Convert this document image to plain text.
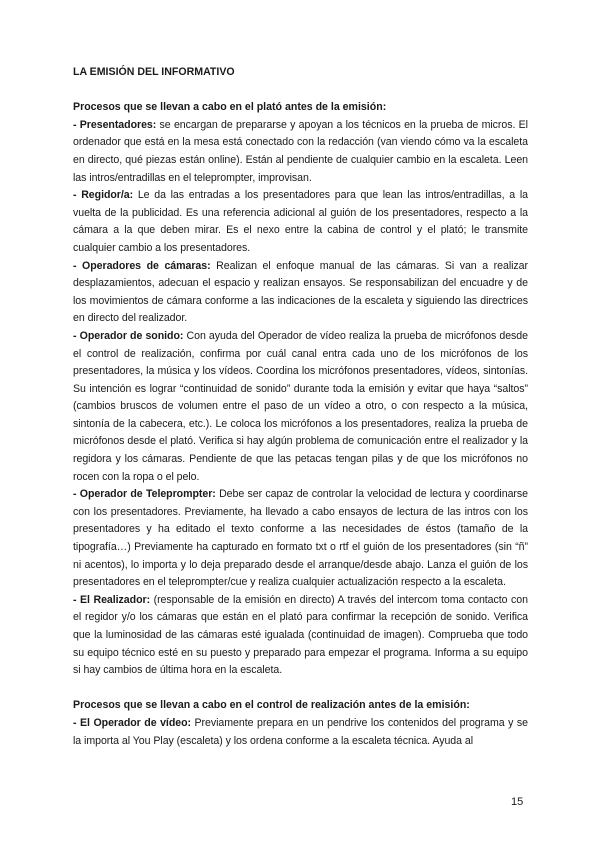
LA EMISIÓN DEL INFORMATIVO
Procesos que se llevan a cabo en el plató antes de la emisión:

- Presentadores: se encargan de prepararse y apoyan a los técnicos en la prueba de micros. El ordenador que está en la mesa está conectado con la redacción (van viendo cómo va la escaleta en directo, qué piezas están online). Están al pendiente de cualquier cambio en la escaleta. Leen las intros/entradillas en el teleprompter, improvisan.

- Regidor/a: Le da las entradas a los presentadores para que lean las intros/entradillas, a la vuelta de la publicidad. Es una referencia adicional al guión de los presentadores, respecto a la cámara a la que deben mirar. Es el nexo entre la cabina de control y el plató; le transmite cualquier cambio a los presentadores.

- Operadores de cámaras: Realizan el enfoque manual de las cámaras. Si van a realizar desplazamientos, adecuan el espacio y realizan ensayos. Se responsabilizan del encuadre y de los movimientos de cámara conforme a las indicaciones de la escaleta y siguiendo las directrices en directo del realizador.

- Operador de sonido: Con ayuda del Operador de vídeo realiza la prueba de micrófonos desde el control de realización, confirma por cuál canal entra cada uno de los micrófonos de los presentadores, la música y los vídeos. Coordina los micrófonos presentadores, vídeos, sintonías. Su intención es lograr “continuidad de sonido” durante toda la emisión y evitar que haya “saltos” (cambios bruscos de volumen entre el paso de un vídeo a otro, o con respecto a la música, sintonía de la cabecera, etc.). Le coloca los micrófonos a los presentadores, realiza la prueba de micrófonos desde el plató. Verifica si hay algún problema de comunicación entre el realizador y la regidora y los cámaras. Pendiente de que las petacas tengan pilas y de que los micrófonos no rocen con la ropa o el pelo.

- Operador de Teleprompter: Debe ser capaz de controlar la velocidad de lectura y coordinarse con los presentadores. Previamente, ha llevado a cabo ensayos de lectura de las intros con los presentadores y ha editado el texto conforme a las necesidades de éstos (tamaño de la tipografía…) Previamente ha capturado en formato txt o rtf el guión de los presentadores (sin “ñ” ni acentos), lo importa y lo deja preparado desde el arranque/desde abajo. Lanza el guión de los presentadores en el teleprompter/cue y realiza cualquier actualización respecto a la escaleta.

- El Realizador: (responsable de la emisión en directo) A través del intercom toma contacto con el regidor y/o los cámaras que están en el plató para confirmar la recepción de sonido. Verifica que la luminosidad de las cámaras esté igualada (continuidad de imagen). Comprueba que todo su equipo técnico esté en su puesto y preparado para empezar el programa. Informa a su equipo si hay cambios de última hora en la escaleta.

Procesos que se llevan a cabo en el control de realización antes de la emisión:

- El Operador de vídeo: Previamente prepara en un pendrive los contenidos del programa y se la importa al You Play (escaleta) y los ordena conforme a la escaleta técnica. Ayuda al

15
